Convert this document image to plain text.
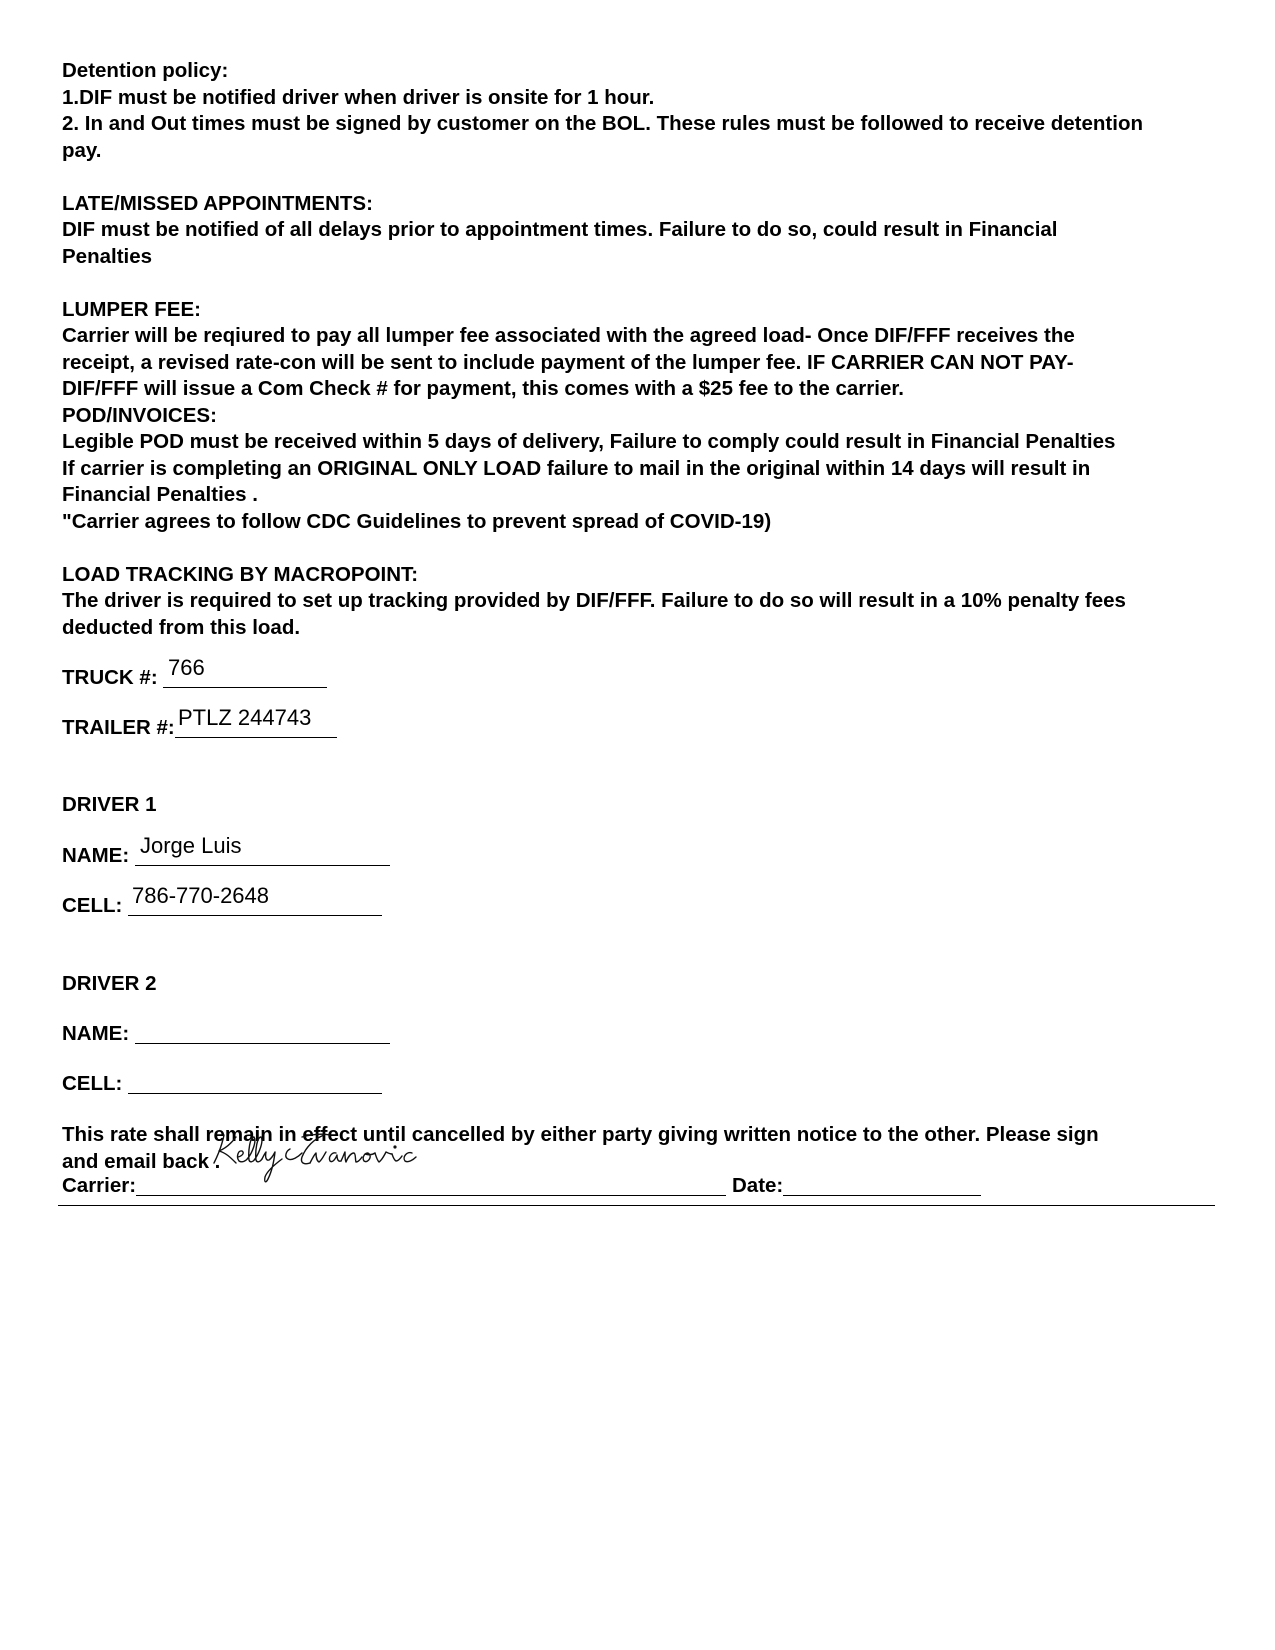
Detention policy:
1.DIF must be notified driver when driver is onsite for 1 hour.
2. In and Out times must be signed by customer on the BOL. These rules must be followed to receive detention
pay.
LATE/MISSED APPOINTMENTS:
DIF must be notified of all delays prior to appointment times. Failure to do so, could result in Financial
Penalties
LUMPER FEE:
Carrier will be reqiured to pay all lumper fee associated with the agreed load- Once DIF/FFF receives the
receipt, a revised rate-con will be sent to include payment of the lumper fee. IF CARRIER CAN NOT PAY-
DIF/FFF will issue a Com Check # for payment, this comes with a $25 fee to the carrier.
POD/INVOICES:
Legible POD must be received within 5 days of delivery, Failure to comply could result in Financial Penalties
If carrier is completing an ORIGINAL ONLY LOAD failure to mail in the original within 14 days will result in
Financial Penalties .
"Carrier agrees to follow CDC Guidelines to prevent spread of COVID-19)
LOAD TRACKING BY MACROPOINT:
The driver is required to set up tracking provided by DIF/FFF. Failure to do so will result in a 10% penalty fees
deducted from this load.
TRUCK #: 766
TRAILER #: PTLZ 244743
DRIVER 1
NAME: Jorge Luis
CELL: 786-770-2648
DRIVER 2
NAME:
CELL:
This rate shall remain in effect until cancelled by either party giving written notice to the other. Please sign
and email back .
Carrier:	Date:
